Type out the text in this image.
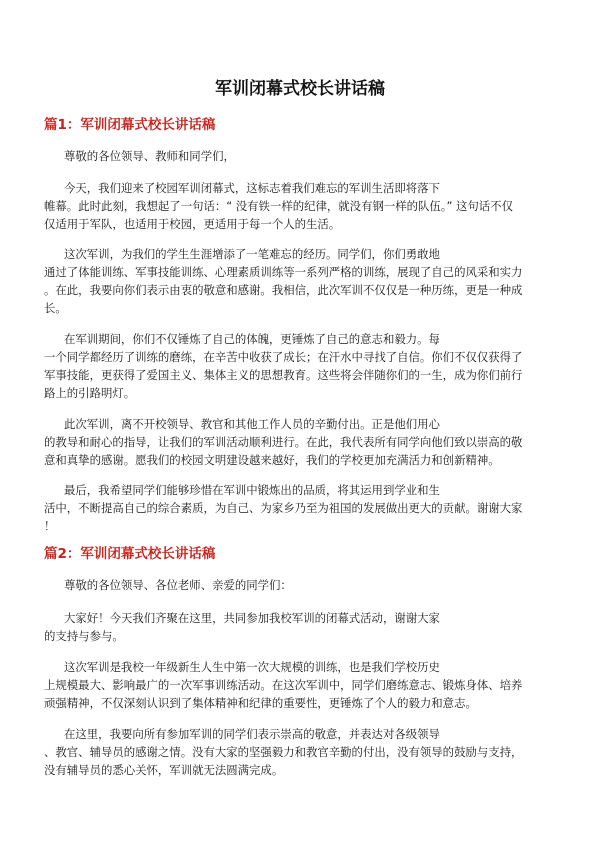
军训闭幕式校长讲话稿
篇1：军训闭幕式校长讲话稿
尊敬的各位领导、教师和同学们，
今天，我们迎来了校园军训闭幕式，这标志着我们难忘的军训生活即将落下
帷幕。此时此刻，我想起了一句话：“ 没有铁一样的纪律，就没有钢一样的队伍。” 这句话不仅
仅适用于军队，也适用于校园，更适用于每一个人的生活。
这次军训，为我们的学生生涯增添了一笔难忘的经历。同学们，你们勇敢地
通过了体能训练、军事技能训练、心理素质训练等一系列严格的训练，展现了自己的风采和实力
。在此，我要向你们表示由衷的敬意和感谢。我相信，此次军训不仅仅是一种历练，更是一种成
长。
在军训期间，你们不仅锤炼了自己的体魄，更锤炼了自己的意志和毅力。每
一个同学都经历了训练的磨练，在辛苦中收获了成长；在汗水中寻找了自信。你们不仅仅获得了
军事技能，更获得了爱国主义、集体主义的思想教育。这些将会伴随你们的一生，成为你们前行
路上的引路明灯。
此次军训，离不开校领导、教官和其他工作人员的辛勤付出。正是他们用心
的教导和耐心的指导，让我们的军训活动顺利进行。在此，我代表所有同学向他们致以崇高的敬
意和真挚的感谢。愿我们的校园文明建设越来越好，我们的学校更加充满活力和创新精神。
最后，我希望同学们能够珍惜在军训中锻炼出的品质，将其运用到学业和生
活中，不断提高自己的综合素质，为自己、为家乡乃至为祖国的发展做出更大的贡献。谢谢大家
！
篇2：军训闭幕式校长讲话稿
尊敬的各位领导、各位老师、亲爱的同学们：
大家好！今天我们齐聚在这里，共同参加我校军训的闭幕式活动，谢谢大家
的支持与参与。
这次军训是我校一年级新生人生中第一次大规模的训练，也是我们学校历史
上规模最大、影响最广的一次军事训练活动。在这次军训中，同学们磨练意志、锻炼身体、培养
顽强精神，不仅深刻认识到了集体精神和纪律的重要性，更锤炼了个人的毅力和意志。
在这里，我要向所有参加军训的同学们表示崇高的敬意，并表达对各级领导
、教官、辅导员的感谢之情。没有大家的坚强毅力和教官辛勤的付出，没有领导的鼓励与支持，
没有辅导员的悉心关怀，军训就无法圆满完成。
